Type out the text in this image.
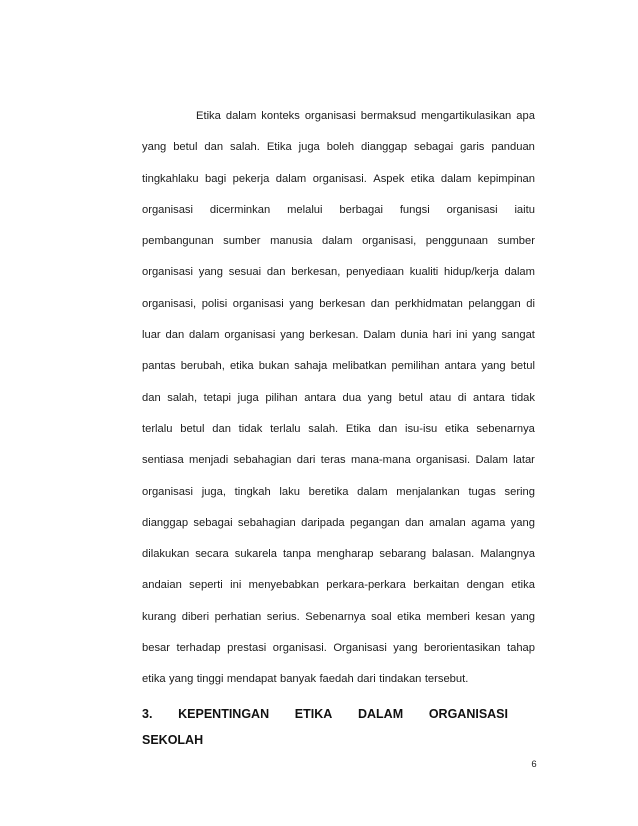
Etika dalam konteks organisasi bermaksud mengartikulasikan apa
yang betul dan salah. Etika juga boleh dianggap sebagai garis panduan
tingkahlaku bagi pekerja dalam organisasi. Aspek etika dalam kepimpinan
organisasi dicerminkan melalui berbagai fungsi organisasi iaitu
pembangunan sumber manusia dalam organisasi, penggunaan sumber
organisasi yang sesuai dan berkesan, penyediaan kualiti hidup/kerja dalam
organisasi, polisi organisasi yang berkesan dan perkhidmatan pelanggan di
luar dan dalam organisasi yang berkesan. Dalam dunia hari ini yang sangat
pantas berubah, etika bukan sahaja melibatkan pemilihan antara yang betul
dan salah, tetapi juga pilihan antara dua yang betul atau di antara tidak
terlalu betul dan tidak terlalu salah. Etika dan isu-isu etika sebenarnya
sentiasa menjadi sebahagian dari teras mana-mana organisasi. Dalam latar
organisasi juga, tingkah laku beretika dalam menjalankan tugas sering
dianggap sebagai sebahagian daripada pegangan dan amalan agama yang
dilakukan secara sukarela tanpa mengharap sebarang balasan. Malangnya
andaian seperti ini menyebabkan perkara-perkara berkaitan dengan etika
kurang diberi perhatian serius. Sebenarnya soal etika memberi kesan yang
besar terhadap prestasi organisasi. Organisasi yang berorientasikan tahap
etika yang tinggi mendapat banyak faedah dari tindakan tersebut.
3. KEPENTINGAN ETIKA DALAM ORGANISASI
SEKOLAH
6
